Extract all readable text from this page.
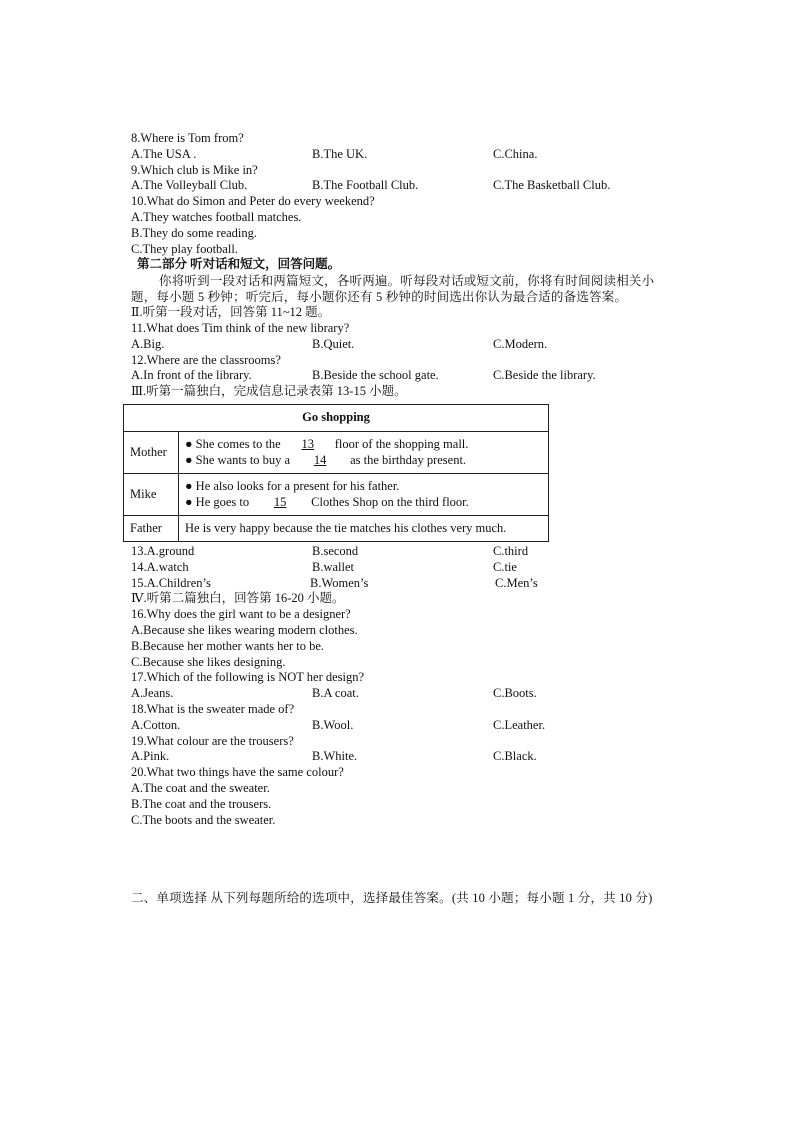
8.Where is Tom from?
A.The USA .	B.The UK.	C.China.
9.Which club is Mike in?
A.The Volleyball Club.	B.The Football Club.	C.The Basketball Club.
10.What do Simon and Peter do every weekend?
A.They watches football matches.
B.They do some reading.
C.They play football.
第二部分 听对话和短文，回答问题。
你将听到一段对话和两篇短文，各听两遍。听每段对话或短文前，你将有时间阅读相关小题，每小题 5 秒钟；听完后，每小题你还有 5 秒钟的时间选出你认为最合适的备选答案。
Ⅱ.听第一段对话，回答第 11~12 题。
11.What does Tim think of the new library?
A.Big.	B.Quiet.	C.Modern.
12.Where are the classrooms?
A.In front of the library.	B.Beside the school gate.	C.Beside the library.
Ⅲ.听第一篇独白，完成信息记录表第 13-15 小题。
Go shopping	
Mother	● She comes to the 13 floor of the shopping mall.
● She wants to buy a 14 as the birthday present.

Mike	● He also looks for a present for his father.
● He goes to 15 Clothes Shop on the third floor.

Father	He is very happy because the tie matches his clothes very much.
13.A.ground	B.second	C.third
14.A.watch	B.wallet	C.tie
15.A.Children’s	B.Women’s	C.Men’s
Ⅳ.听第二篇独白，回答第 16-20 小题。
16.Why does the girl want to be a designer?
A.Because she likes wearing modern clothes.
B.Because her mother wants her to be.
C.Because she likes designing.
17.Which of the following is NOT her design?
A.Jeans.	B.A coat.	C.Boots.
18.What is the sweater made of?
A.Cotton.	B.Wool.	C.Leather.
19.What colour are the trousers?
A.Pink.	B.White.	C.Black.
20.What two things have the same colour?
A.The coat and the sweater.
B.The coat and the trousers.
C.The boots and the sweater.
二、单项选择 从下列每题所给的选项中，选择最佳答案。(共 10 小题；每小题 1 分，共 10 分)
